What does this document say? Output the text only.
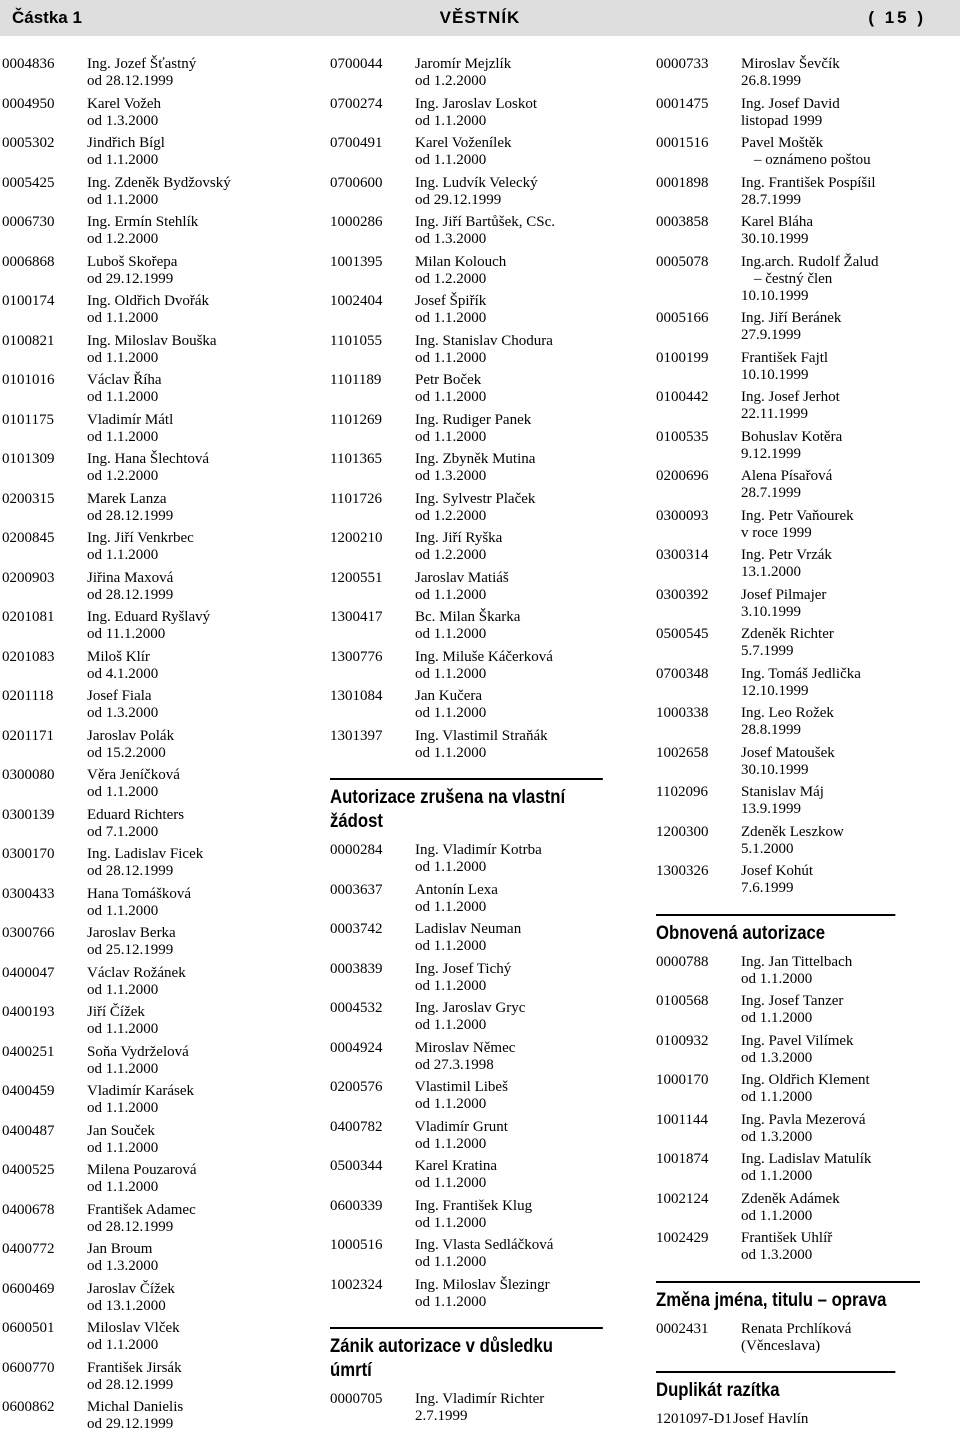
Částka 1	VĚSTNÍK	( 15 )
0004836 Ing. Jozef Šťastný
od 28.12.1999
0004950 Karel Vožeh
od 1.3.2000
0005302 Jindřich Bígl
od 1.1.2000
0005425 Ing. Zdeněk Bydžovský
od 1.1.2000
0006730 Ing. Ermín Stehlík
od 1.2.2000
0006868 Luboš Skořepa
od 29.12.1999
0100174 Ing. Oldřich Dvořák
od 1.1.2000
0100821 Ing. Miloslav Bouška
od 1.1.2000
0101016 Václav Říha
od 1.1.2000
0101175 Vladimír Mátl
od 1.1.2000
0101309 Ing. Hana Šlechtová
od 1.2.2000
0200315 Marek Lanza
od 28.12.1999
0200845 Ing. Jiří Venkrbec
od 1.1.2000
0200903 Jiřina Maxová
od 28.12.1999
0201081 Ing. Eduard Ryšlavý
od 11.1.2000
0201083 Miloš Klír
od 4.1.2000
0201118 Josef Fiala
od 1.3.2000
0201171 Jaroslav Polák
od 15.2.2000
0300080 Věra Jeníčková
od 1.1.2000
0300139 Eduard Richters
od 7.1.2000
0300170 Ing. Ladislav Ficek
od 28.12.1999
0300433 Hana Tomášková
od 1.1.2000
0300766 Jaroslav Berka
od 25.12.1999
0400047 Václav Rožánek
od 1.1.2000
0400193 Jiří Čížek
od 1.1.2000
0400251 Soňa Vydrželová
od 1.1.2000
0400459 Vladimír Karásek
od 1.1.2000
0400487 Jan Souček
od 1.1.2000
0400525 Milena Pouzarová
od 1.1.2000
0400678 František Adamec
od 28.12.1999
0400772 Jan Broum
od 1.3.2000
0600469 Jaroslav Čížek
od 13.1.2000
0600501 Miloslav Vlček
od 1.1.2000
0600770 František Jirsák
od 28.12.1999
0600862 Michal Danielis
od 29.12.1999
0700044 Jaromír Mejzlík
od 1.2.2000
0700274 Ing. Jaroslav Loskot
od 1.1.2000
0700491 Karel Voženílek
od 1.1.2000
0700600 Ing. Ludvík Velecký
od 29.12.1999
1000286 Ing. Jiří Bartůšek, CSc.
od 1.3.2000
1001395 Milan Kolouch
od 1.2.2000
1002404 Josef Špiřík
od 1.1.2000
1101055 Ing. Stanislav Chodura
od 1.1.2000
1101189 Petr Boček
od 1.1.2000
1101269 Ing. Rudiger Panek
od 1.1.2000
1101365 Ing. Zbyněk Mutina
od 1.3.2000
1101726 Ing. Sylvestr Plaček
od 1.2.2000
1200210 Ing. Jiří Ryška
od 1.2.2000
1200551 Jaroslav Matiáš
od 1.1.2000
1300417 Bc. Milan Škarka
od 1.1.2000
1300776 Ing. Miluše Káčerková
od 1.1.2000
1301084 Jan Kučera
od 1.1.2000
1301397 Ing. Vlastimil Straňák
od 1.1.2000
Autorizace zrušena na vlastní
žádost
0000284 Ing. Vladimír Kotrba
od 1.1.2000
0003637 Antonín Lexa
od 1.1.2000
0003742 Ladislav Neuman
od 1.1.2000
0003839 Ing. Josef Tichý
od 1.1.2000
0004532 Ing. Jaroslav Gryc
od 1.1.2000
0004924 Miroslav Němec
od 27.3.1998
0200576 Vlastimil Libeš
od 1.1.2000
0400782 Vladimír Grunt
od 1.1.2000
0500344 Karel Kratina
od 1.1.2000
0600339 Ing. František Klug
od 1.1.2000
1000516 Ing. Vlasta Sedláčková
od 1.1.2000
1002324 Ing. Miloslav Šlezingr
od 1.1.2000
Zánik autorizace v důsledku
úmrtí
0000705 Ing. Vladimír Richter
2.7.1999
0000733 Miroslav Ševčík
26.8.1999
0001475 Ing. Josef David
listopad 1999
0001516 Pavel Moštěk
– oznámeno poštou
0001898 Ing. František Pospíšil
28.7.1999
0003858 Karel Bláha
30.10.1999
0005078 Ing.arch. Rudolf Žalud
– čestný člen
10.10.1999
0005166 Ing. Jiří Beránek
27.9.1999
0100199 František Fajtl
10.10.1999
0100442 Ing. Josef Jerhot
22.11.1999
0100535 Bohuslav Kotěra
9.12.1999
0200696 Alena Písařová
28.7.1999
0300093 Ing. Petr Vaňourek
v roce 1999
0300314 Ing. Petr Vrzák
13.1.2000
0300392 Josef Pilmajer
3.10.1999
0500545 Zdeněk Richter
5.7.1999
0700348 Ing. Tomáš Jedlička
12.10.1999
1000338 Ing. Leo Rožek
28.8.1999
1002658 Josef Matoušek
30.10.1999
1102096 Stanislav Máj
13.9.1999
1200300 Zdeněk Leszkow
5.1.2000
1300326 Josef Kohút
7.6.1999
Obnovená autorizace
0000788 Ing. Jan Tittelbach
od 1.1.2000
0100568 Ing. Josef Tanzer
od 1.1.2000
0100932 Ing. Pavel Vilímek
od 1.3.2000
1000170 Ing. Oldřich Klement
od 1.1.2000
1001144 Ing. Pavla Mezerová
od 1.3.2000
1001874 Ing. Ladislav Matulík
od 1.1.2000
1002124 Zdeněk Adámek
od 1.1.2000
1002429 František Uhlíř
od 1.3.2000
Změna jména, titulu – oprava
0002431 Renata Prchlíková
(Věnceslava)
Duplikát razítka
1201097-D1 Josef Havlín
